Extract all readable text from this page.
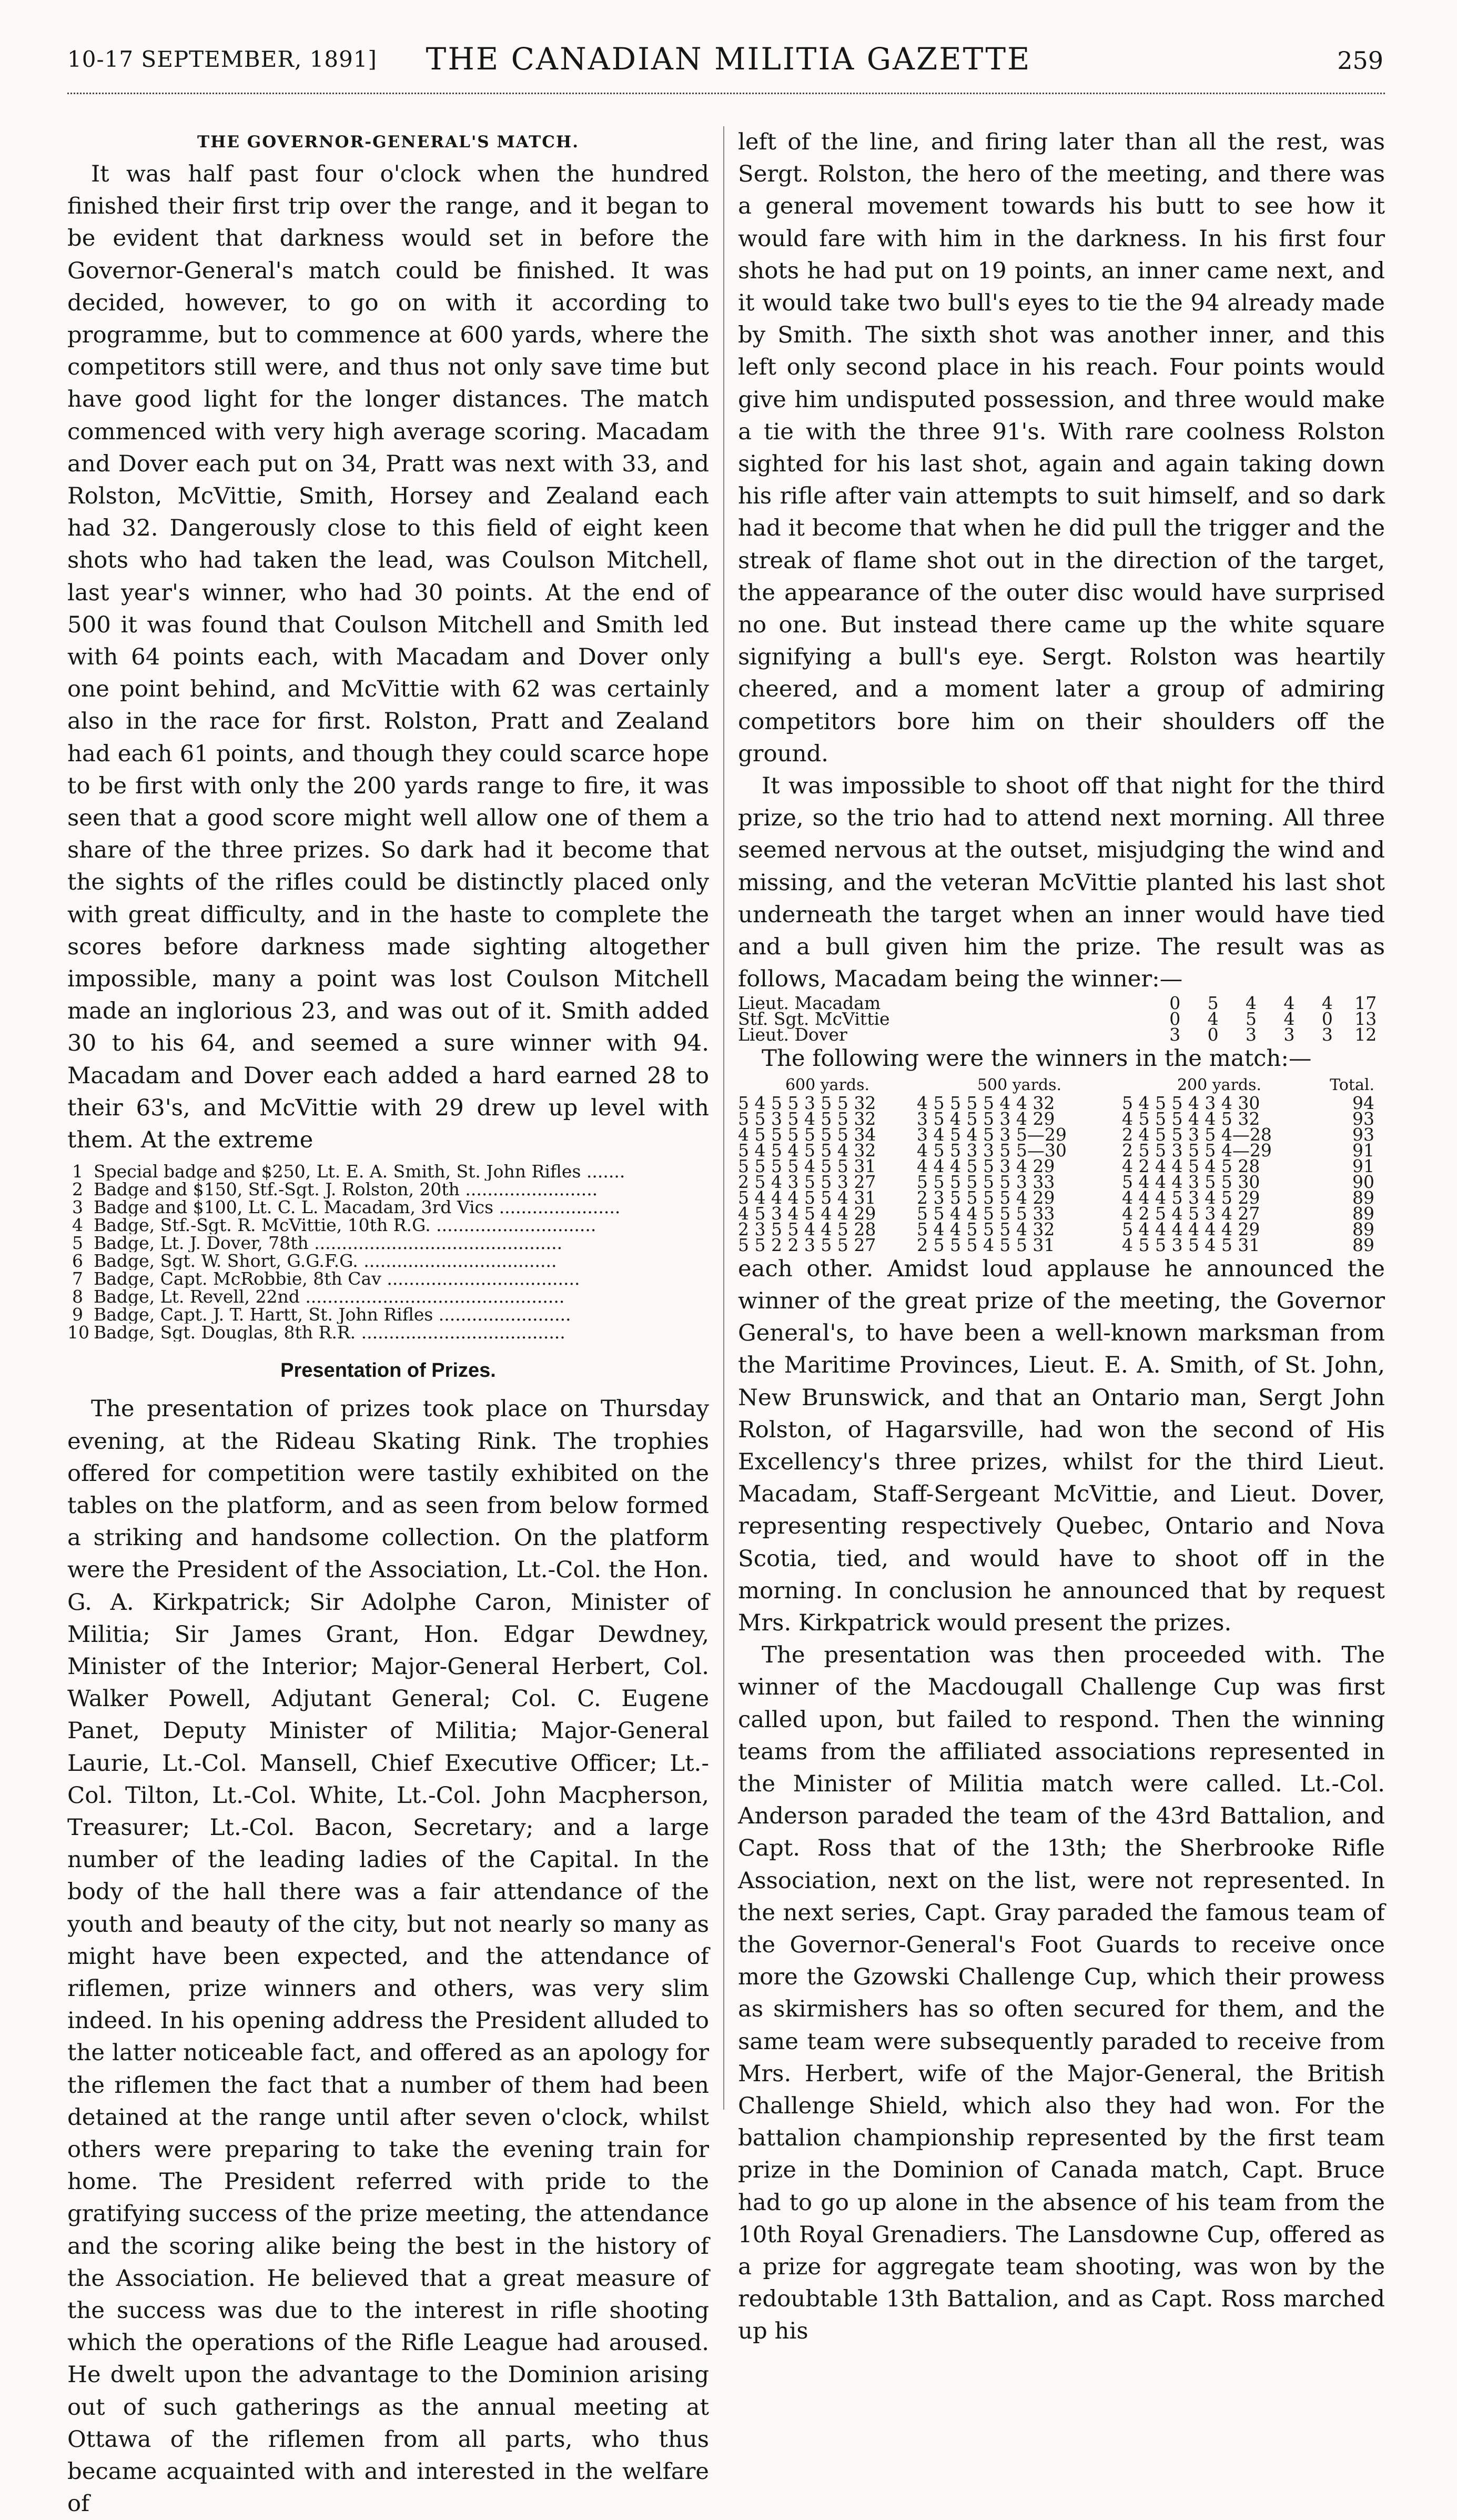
10-17 SEPTEMBER, 1891]	THE CANADIAN MILITIA GAZETTE	259
THE GOVERNOR-GENERAL'S MATCH.

It was half past four o'clock when the hundred finished their first trip over the range, and it began to be evident that darkness would set in before the Governor-General's match could be finished. It was decided, however, to go on with it according to programme, but to commence at 600 yards, where the competitors still were, and thus not only save time but have good light for the longer distances. The match commenced with very high average scoring. Macadam and Dover each put on 34, Pratt was next with 33, and Rolston, McVittie, Smith, Horsey and Zealand each had 32. Dangerously close to this field of eight keen shots who had taken the lead, was Coulson Mitchell, last year's winner, who had 30 points. At the end of 500 it was found that Coulson Mitchell and Smith led with 64 points each, with Macadam and Dover only one point behind, and McVittie with 62 was certainly also in the race for first. Rolston, Pratt and Zealand had each 61 points, and though they could scarce hope to be first with only the 200 yards range to fire, it was seen that a good score might well allow one of them a share of the three prizes. So dark had it become that the sights of the rifles could be distinctly placed only with great difficulty, and in the haste to complete the scores before darkness made sighting altogether impossible, many a point was lost Coulson Mitchell made an inglorious 23, and was out of it. Smith added 30 to his 64, and seemed a sure winner with 94. Macadam and Dover each added a hard earned 28 to their 63's, and McVittie with 29 drew up level with them. At the extreme

1 Special badge and $250, Lt. E. A. Smith, St. John Rifles .......
2 Badge and $150, Stf.-Sgt. J. Rolston, 20th ........................
3 Badge and $100, Lt. C. L. Macadam, 3rd Vics ......................
4 Badge, Stf.-Sgt. R. McVittie, 10th R.G. .............................
5 Badge, Lt. J. Dover, 78th .............................................
6 Badge, Sgt. W. Short, G.G.F.G. ...................................
7 Badge, Capt. McRobbie, 8th Cav ...................................
8 Badge, Lt. Revell, 22nd ...............................................
9 Badge, Capt. J. T. Hartt, St. John Rifles ........................
10 Badge, Sgt. Douglas, 8th R.R. .....................................
Presentation of Prizes.

The presentation of prizes took place on Thursday evening, at the Rideau Skating Rink. The trophies offered for competition were tastily exhibited on the tables on the platform, and as seen from below formed a striking and handsome collection. On the platform were the President of the Association, Lt.-Col. the Hon. G. A. Kirkpatrick; Sir Adolphe Caron, Minister of Militia; Sir James Grant, Hon. Edgar Dewdney, Minister of the Interior; Major-General Herbert, Col. Walker Powell, Adjutant General; Col. C. Eugene Panet, Deputy Minister of Militia; Major-General Laurie, Lt.-Col. Mansell, Chief Executive Officer; Lt.-Col. Tilton, Lt.-Col. White, Lt.-Col. John Macpherson, Treasurer; Lt.-Col. Bacon, Secretary; and a large number of the leading ladies of the Capital. In the body of the hall there was a fair attendance of the youth and beauty of the city, but not nearly so many as might have been expected, and the attendance of riflemen, prize winners and others, was very slim indeed. In his opening address the President alluded to the latter noticeable fact, and offered as an apology for the riflemen the fact that a number of them had been detained at the range until after seven o'clock, whilst others were preparing to take the evening train for home. The President referred with pride to the gratifying success of the prize meeting, the attendance and the scoring alike being the best in the history of the Association. He believed that a great measure of the success was due to the interest in rifle shooting which the operations of the Rifle League had aroused. He dwelt upon the advantage to the Dominion arising out of such gatherings as the annual meeting at Ottawa of the riflemen from all parts, who thus became acquainted with and interested in the welfare of

left of the line, and firing later than all the rest, was Sergt. Rolston, the hero of the meeting, and there was a general movement towards his butt to see how it would fare with him in the darkness. In his first four shots he had put on 19 points, an inner came next, and it would take two bull's eyes to tie the 94 already made by Smith. The sixth shot was another inner, and this left only second place in his reach. Four points would give him undisputed possession, and three would make a tie with the three 91's. With rare coolness Rolston sighted for his last shot, again and again taking down his rifle after vain attempts to suit himself, and so dark had it become that when he did pull the trigger and the streak of flame shot out in the direction of the target, the appearance of the outer disc would have surprised no one. But instead there came up the white square signifying a bull's eye. Sergt. Rolston was heartily cheered, and a moment later a group of admiring competitors bore him on their shoulders off the ground.

It was impossible to shoot off that night for the third prize, so the trio had to attend next morning. All three seemed nervous at the outset, misjudging the wind and missing, and the veteran McVittie planted his last shot underneath the target when an inner would have tied and a bull given him the prize. The result was as follows, Macadam being the winner:—

Lieut. Macadam	0	5	4	4	4	17
Stf. Sgt. McVittie	0	4	5	4	0	13
Lieut. Dover	3	0	3	3	3	12

The following were the winners in the match:—

600 yards.	500 yards.	200 yards.	Total.
5 4 5 5 3 5 5 32	4 5 5 5 5 4 4 32	5 4 5 5 4 3 4 30	94
5 5 3 5 4 5 5 32	3 5 4 5 5 3 4 29	4 5 5 5 4 4 5 32	93
4 5 5 5 5 5 5 34	3 4 5 4 5 3 5—29	2 4 5 5 3 5 4—28	93
5 4 5 4 5 5 4 32	4 5 5 3 3 5 5—30	2 5 5 3 5 5 4—29	91
5 5 5 5 4 5 5 31	4 4 4 5 5 3 4 29	4 2 4 4 5 4 5 28	91
2 5 4 3 5 5 3 27	5 5 5 5 5 5 3 33	5 4 4 4 3 5 5 30	90
5 4 4 4 5 5 4 31	2 3 5 5 5 5 4 29	4 4 4 5 3 4 5 29	89
4 5 3 4 5 4 4 29	5 5 4 4 5 5 5 33	4 2 5 4 5 3 4 27	89
2 3 5 5 4 4 5 28	5 4 4 5 5 5 4 32	5 4 4 4 4 4 4 29	89
5 5 2 2 3 5 5 27	2 5 5 5 4 5 5 31	4 5 5 3 5 4 5 31	89

each other. Amidst loud applause he announced the winner of the great prize of the meeting, the Governor General's, to have been a well-known marksman from the Maritime Provinces, Lieut. E. A. Smith, of St. John, New Brunswick, and that an Ontario man, Sergt John Rolston, of Hagarsville, had won the second of His Excellency's three prizes, whilst for the third Lieut. Macadam, Staff-Sergeant McVittie, and Lieut. Dover, representing respectively Quebec, Ontario and Nova Scotia, tied, and would have to shoot off in the morning. In conclusion he announced that by request Mrs. Kirkpatrick would present the prizes.

The presentation was then proceeded with. The winner of the Macdougall Challenge Cup was first called upon, but failed to respond. Then the winning teams from the affiliated associations represented in the Minister of Militia match were called. Lt.-Col. Anderson paraded the team of the 43rd Battalion, and Capt. Ross that of the 13th; the Sherbrooke Rifle Association, next on the list, were not represented. In the next series, Capt. Gray paraded the famous team of the Governor-General's Foot Guards to receive once more the Gzowski Challenge Cup, which their prowess as skirmishers has so often secured for them, and the same team were subsequently paraded to receive from Mrs. Herbert, wife of the Major-General, the British Challenge Shield, which also they had won. For the battalion championship represented by the first team prize in the Dominion of Canada match, Capt. Bruce had to go up alone in the absence of his team from the 10th Royal Grenadiers. The Lansdowne Cup, offered as a prize for aggregate team shooting, was won by the redoubtable 13th Battalion, and as Capt. Ross marched up his
